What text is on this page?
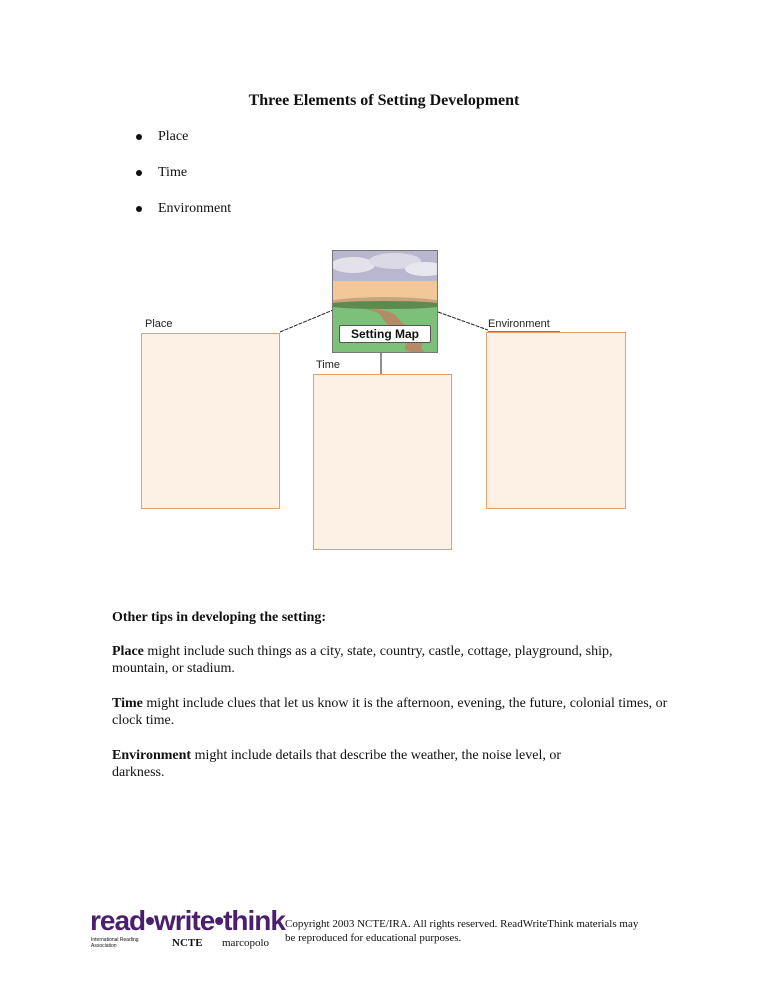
Three Elements of Setting Development
Place
Time
Environment
Setting Map
Place
Time
Environment

Other tips in developing the setting:

Place might include such things as a city, state, country, castle, cottage, playground, ship, mountain, or stadium.

Time might include clues that let us know it is the afternoon, evening, the future, colonial times, or clock time.

Environment might include details that describe the weather, the noise level, or darkness.

read•write•think
International Reading Association	NCTE marcopolo
Copyright 2003 NCTE/IRA. All rights reserved. ReadWriteThink materials may be reproduced for educational purposes.
